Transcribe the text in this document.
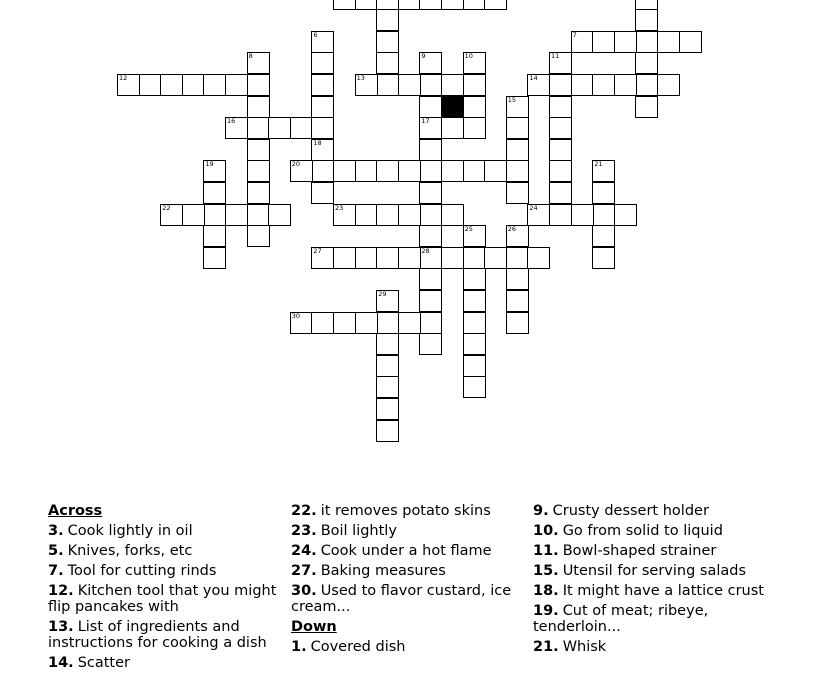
6	7
8	9	10	11
12	13	14
15
16	17
18
19	20	21
22	23	24
25	26
27	28
29
30
Across
3. Cook lightly in oil
5. Knives, forks, etc
7. Tool for cutting rinds
12. Kitchen tool that you might flip pancakes with
13. List of ingredients and instructions for cooking a dish
14. Scatter
22. it removes potato skins
23. Boil lightly
24. Cook under a hot flame
27. Baking measures
30. Used to flavor custard, ice cream...
Down
1. Covered dish
9. Crusty dessert holder
10. Go from solid to liquid
11. Bowl-shaped strainer
15. Utensil for serving salads
18. It might have a lattice crust
19. Cut of meat; ribeye, tenderloin...
21. Whisk
